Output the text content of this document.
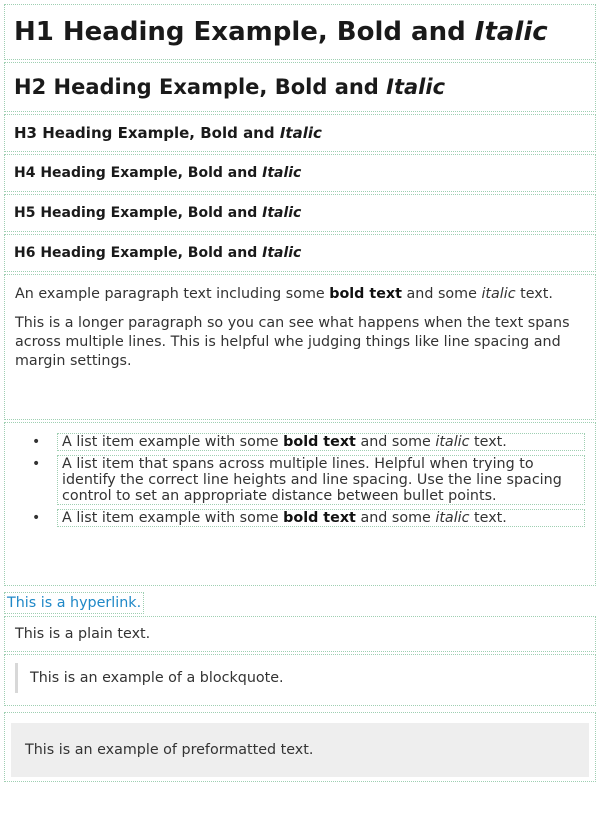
H1 Heading Example, Bold and Italic
H2 Heading Example, Bold and Italic
H3 Heading Example, Bold and Italic
H4 Heading Example, Bold and Italic
H5 Heading Example, Bold and Italic
H6 Heading Example, Bold and Italic

An example paragraph text including some bold text and some italic text.

This is a longer paragraph so you can see what happens when the text spans across multiple lines. This is helpful whe judging things like line spacing and margin settings.

• A list item example with some bold text and some italic text.
• A list item that spans across multiple lines. Helpful when trying to identify the correct line heights and line spacing. Use the line spacing control to set an appropriate distance between bullet points.
• A list item example with some bold text and some italic text.
This is a hyperlink.
This is a plain text.
This is an example of a blockquote.
This is an example of preformatted text.
